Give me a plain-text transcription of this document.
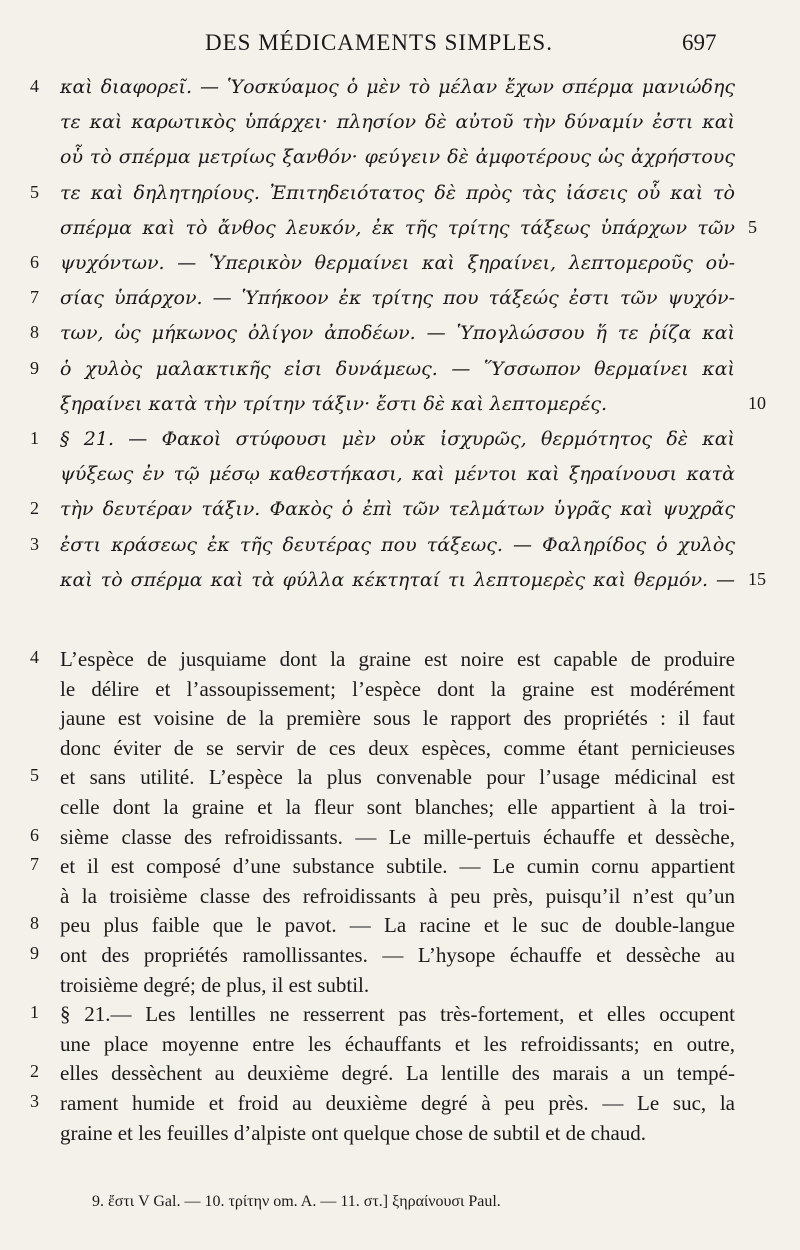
DES MÉDICAMENTS SIMPLES.	697
4	καὶ διαφορεῖ. — Ὑοσκύαμος ὁ μὲν τὸ μέλαν ἔχων σπέρμα μανιώδης
τε καὶ καρωτικὸς ὑπάρχει· πλησίον δὲ αὐτοῦ τὴν δύναμίν ἐστι καὶ
οὗ τὸ σπέρμα μετρίως ξανθόν· φεύγειν δὲ ἀμφοτέρους ὡς ἀχρήστους
5	τε καὶ δηλητηρίους. Ἐπιτηδειότατος δὲ πρὸς τὰς ἰάσεις οὗ καὶ τὸ
σπέρμα καὶ τὸ ἄνθος λευκόν, ἐκ τῆς τρίτης τάξεως ὑπάρχων τῶν 5
6	ψυχόντων. — Ὑπερικὸν θερμαίνει καὶ ξηραίνει, λεπτομεροῦς οὐ-
7	σίας ὑπάρχον. — Ὑπήκοον ἐκ τρίτης που τάξεώς ἐστι τῶν ψυχόν-
8	των, ὡς μήκωνος ὀλίγον ἀποδέων. — Ὑπογλώσσου ἥ τε ῥίζα καὶ
9	ὁ χυλὸς μαλακτικῆς εἰσι δυνάμεως. — Ὕσσωπον θερμαίνει καὶ
ξηραίνει κατὰ τὴν τρίτην τάξιν· ἔστι δὲ καὶ λεπτομερές.	10
1	§ 21. — Φακοὶ στύφουσι μὲν οὐκ ἰσχυρῶς, θερμότητος δὲ καὶ
ψύξεως ἐν τῷ μέσῳ καθεστήκασι, καὶ μέντοι καὶ ξηραίνουσι κατὰ
2	τὴν δευτέραν τάξιν. Φακὸς ὁ ἐπὶ τῶν τελμάτων ὑγρᾶς καὶ ψυχρᾶς
3	ἐστι κράσεως ἐκ τῆς δευτέρας που τάξεως. — Φαληρίδος ὁ χυλὸς
καὶ τὸ σπέρμα καὶ τὰ φύλλα κέκτηταί τι λεπτομερὲς καὶ θερμόν. — 15
4	L’espèce de jusquiame dont la graine est noire est capable de produire
le délire et l’assoupissement; l’espèce dont la graine est modérément
jaune est voisine de la première sous le rapport des propriétés : il faut
donc éviter de se servir de ces deux espèces, comme étant pernicieuses
5	et sans utilité. L’espèce la plus convenable pour l’usage médicinal est
celle dont la graine et la fleur sont blanches; elle appartient à la troi-
6	sième classe des refroidissants. — Le mille-pertuis échauffe et dessèche,
7	et il est composé d’une substance subtile. — Le cumin cornu appartient
à la troisième classe des refroidissants à peu près, puisqu’il n’est qu’un
8	peu plus faible que le pavot. — La racine et le suc de double-langue
9	ont des propriétés ramollissantes. — L’hysope échauffe et dessèche au
troisième degré; de plus, il est subtil.
1	§ 21.— Les lentilles ne resserrent pas très-fortement, et elles occupent
une place moyenne entre les échauffants et les refroidissants; en outre,
2	elles dessèchent au deuxième degré. La lentille des marais a un tempé-
3	rament humide et froid au deuxième degré à peu près. — Le suc, la
graine et les feuilles d’alpiste ont quelque chose de subtil et de chaud.
9. ἔστι V Gal. — 10. τρίτην om. A. — 11. στ.] ξηραίνουσι Paul.
